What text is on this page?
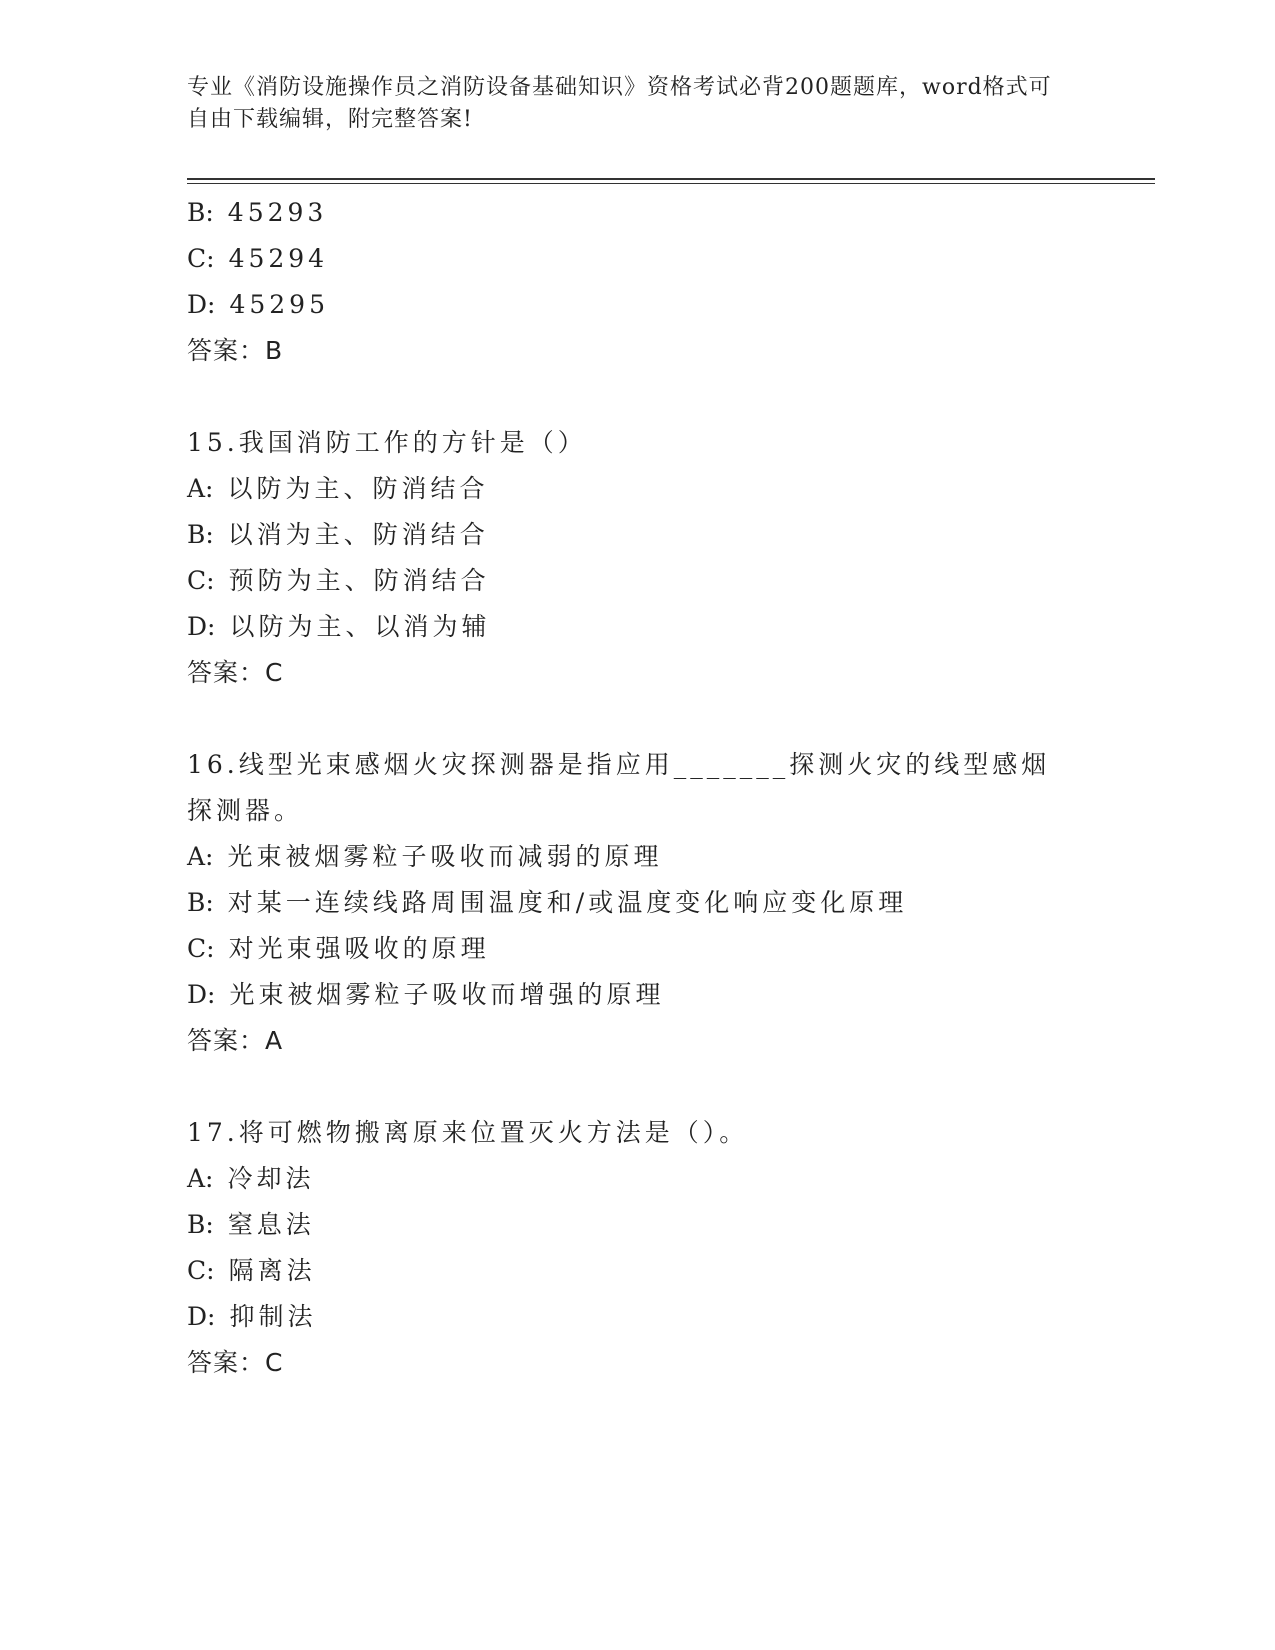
专业《消防设施操作员之消防设备基础知识》资格考试必背200题题库，word格式可自由下载编辑，附完整答案!
B: 45293
C: 45294
D: 45295
答案：B
15.我国消防工作的方针是（）
A: 以防为主、防消结合
B: 以消为主、防消结合
C: 预防为主、防消结合
D: 以防为主、以消为辅
答案：C
16.线型光束感烟火灾探测器是指应用_______探测火灾的线型感烟探测器。
A: 光束被烟雾粒子吸收而减弱的原理
B: 对某一连续线路周围温度和/或温度变化响应变化原理
C: 对光束强吸收的原理
D: 光束被烟雾粒子吸收而增强的原理
答案：A
17.将可燃物搬离原来位置灭火方法是（）。
A: 冷却法
B: 窒息法
C: 隔离法
D: 抑制法
答案：C
